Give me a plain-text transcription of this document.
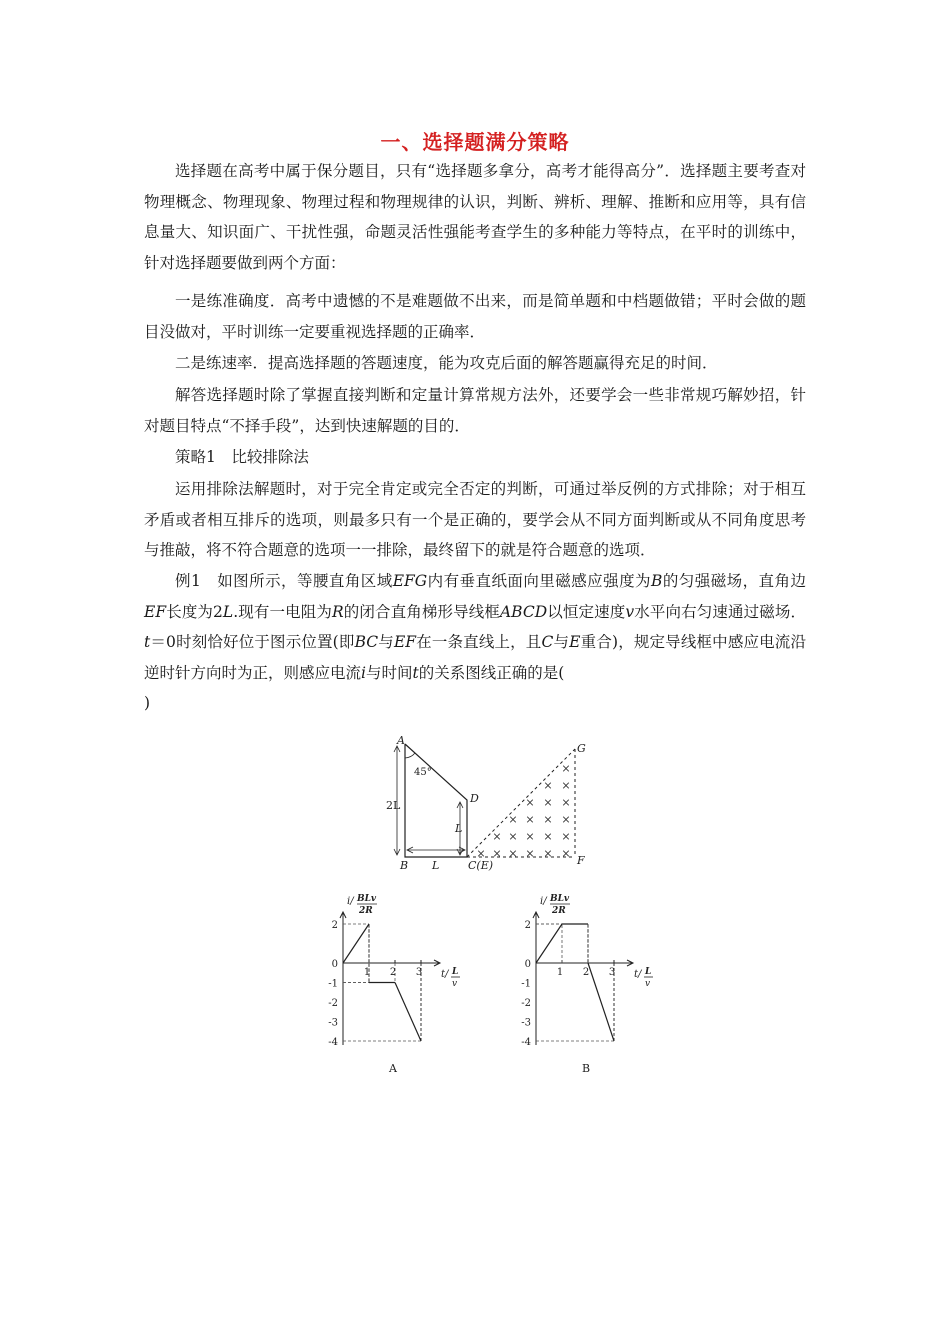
一、选择题满分策略

选择题在高考中属于保分题目，只有“选择题多拿分，高考才能得高分”．选择题主要考查对物理概念、物理现象、物理过程和物理规律的认识，判断、辨析、理解、推断和应用等，具有信息量大、知识面广、干扰性强，命题灵活性强能考查学生的多种能力等特点，在平时的训练中，针对选择题要做到两个方面：

一是练准确度．高考中遗憾的不是难题做不出来，而是简单题和中档题做错；平时会做的题目没做对，平时训练一定要重视选择题的正确率．

二是练速率．提高选择题的答题速度，能为攻克后面的解答题赢得充足的时间．

解答选择题时除了掌握直接判断和定量计算常规方法外，还要学会一些非常规巧解妙招，针对题目特点“不择手段”，达到快速解题的目的．

策略1　比较排除法

运用排除法解题时，对于完全肯定或完全否定的判断，可通过举反例的方式排除；对于相互矛盾或者相互排斥的选项，则最多只有一个是正确的，要学会从不同方面判断或从不同角度思考与推敲，将不符合题意的选项一一排除，最终留下的就是符合题意的选项．

例1　如图所示，等腰直角区域EFG内有垂直纸面向里磁感应强度为B的匀强磁场，直角边EF长度为2L.现有一电阻为R的闭合直角梯形导线框ABCD以恒定速度v水平向右匀速通过磁场．t＝0时刻恰好位于图示位置(即BC与EF在一条直线上，且C与E重合)，规定导线框中感应电流沿逆时针方向时为正，则感应电流i与时间t的关系图线正确的是(
)

A
B	C(E)
D
G
F
2L
L
L
45°
× × × × × ×
× × × × ×
× × × ×
× × ×
× ×
×
2
0
-1
-2
-3
-4
1 2 3
i/ BLv
2R
t/ L
v
A
2
0
-1
-2
-3
-4
1 2 3
i/ BLv
2R
t/ L
v
B
